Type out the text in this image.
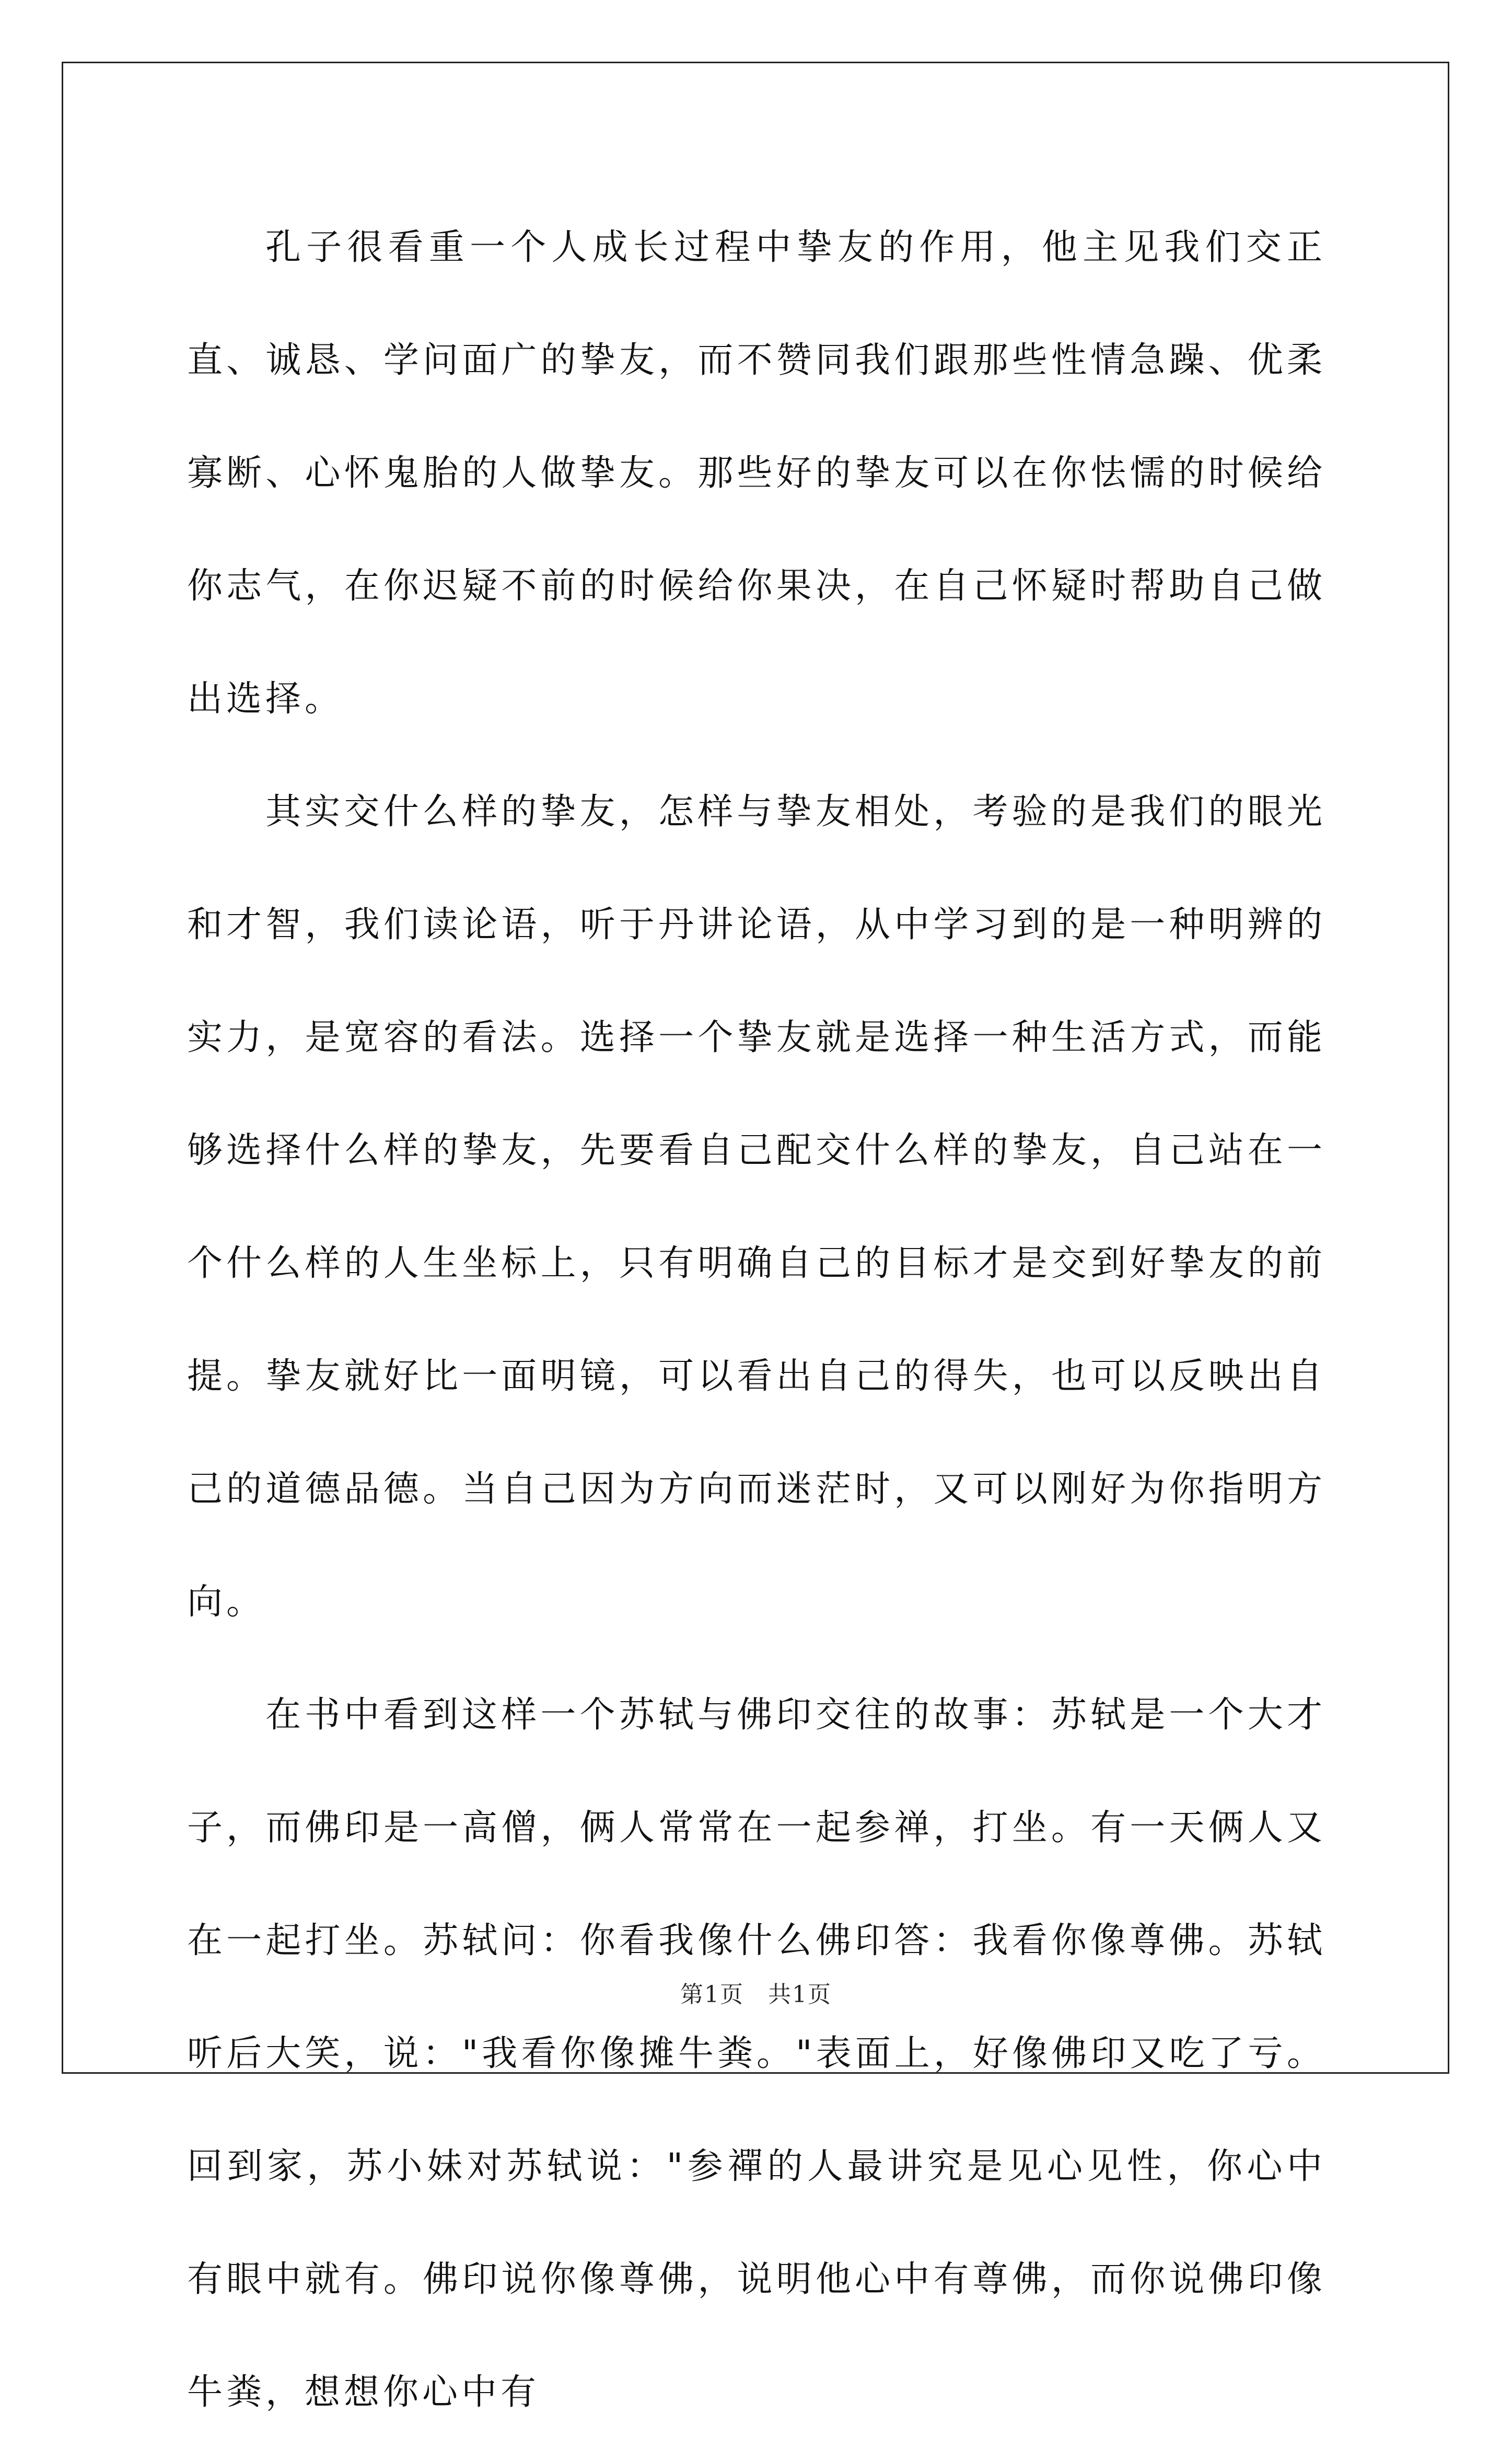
孔子很看重一个人成长过程中挚友的作用，他主见我们交正直、诚恳、学问面广的挚友，而不赞同我们跟那些性情急躁、优柔寡断、心怀鬼胎的人做挚友。那些好的挚友可以在你怯懦的时候给你志气，在你迟疑不前的时候给你果决，在自己怀疑时帮助自己做出选择。

其实交什么样的挚友，怎样与挚友相处，考验的是我们的眼光和才智，我们读论语，听于丹讲论语，从中学习到的是一种明辨的实力，是宽容的看法。选择一个挚友就是选择一种生活方式，而能够选择什么样的挚友，先要看自己配交什么样的挚友，自己站在一个什么样的人生坐标上，只有明确自己的目标才是交到好挚友的前提。挚友就好比一面明镜，可以看出自己的得失，也可以反映出自己的道德品德。当自己因为方向而迷茫时，又可以刚好为你指明方向。

在书中看到这样一个苏轼与佛印交往的故事：苏轼是一个大才子，而佛印是一高僧，俩人常常在一起参禅，打坐。有一天俩人又在一起打坐。苏轼问：你看我像什么佛印答：我看你像尊佛。苏轼听后大笑，说："我看你像摊牛粪。"表面上，好像佛印又吃了亏。回到家，苏小妹对苏轼说："参禪的人最讲究是见心见性，你心中有眼中就有。佛印说你像尊佛，说明他心中有尊佛，而你说佛印像牛粪，想想你心中有

第1页　共1页
